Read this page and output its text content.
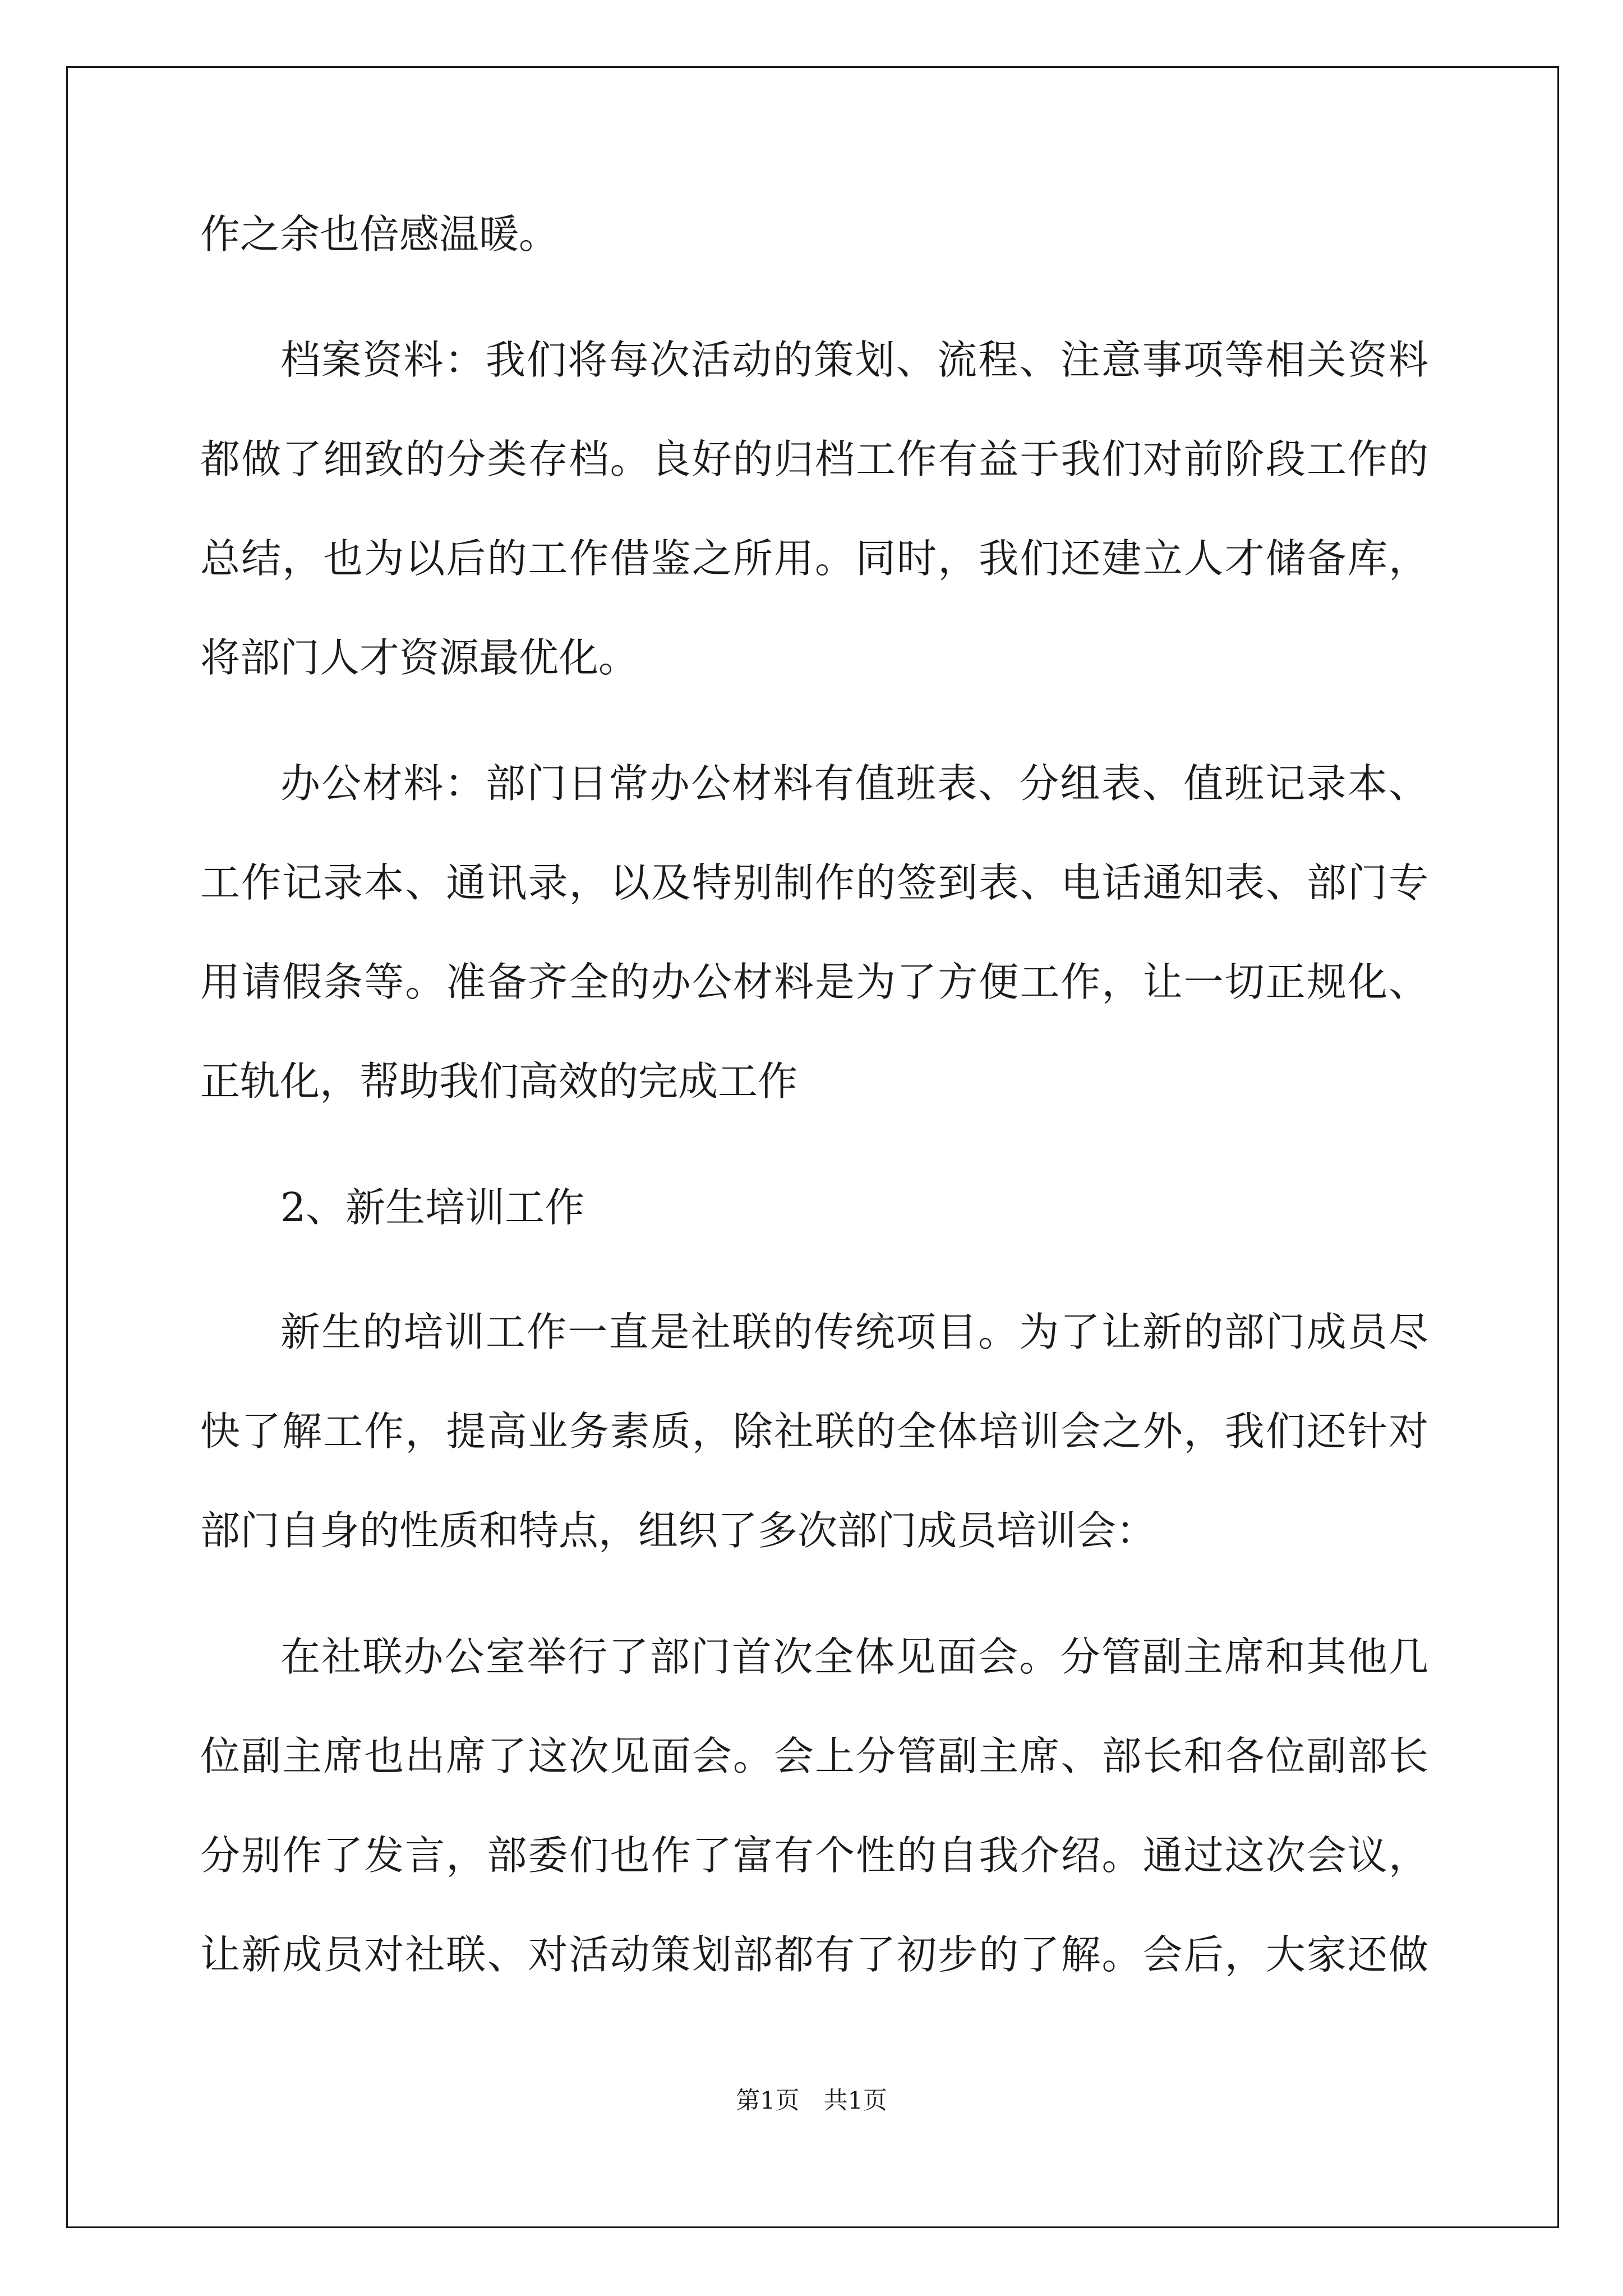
作之余也倍感温暖。
档案资料：我们将每次活动的策划、流程、注意事项等相关资料
都做了细致的分类存档。良好的归档工作有益于我们对前阶段工作的
总结，也为以后的工作借鉴之所用。同时，我们还建立人才储备库，
将部门人才资源最优化。
办公材料：部门日常办公材料有值班表、分组表、值班记录本、
工作记录本、通讯录，以及特别制作的签到表、电话通知表、部门专
用请假条等。准备齐全的办公材料是为了方便工作，让一切正规化、
正轨化，帮助我们高效的完成工作
2、新生培训工作
新生的培训工作一直是社联的传统项目。为了让新的部门成员尽
快了解工作，提高业务素质，除社联的全体培训会之外，我们还针对
部门自身的性质和特点，组织了多次部门成员培训会：
在社联办公室举行了部门首次全体见面会。分管副主席和其他几
位副主席也出席了这次见面会。会上分管副主席、部长和各位副部长
分别作了发言，部委们也作了富有个性的自我介绍。通过这次会议，
让新成员对社联、对活动策划部都有了初步的了解。会后，大家还做
第1页　共1页
